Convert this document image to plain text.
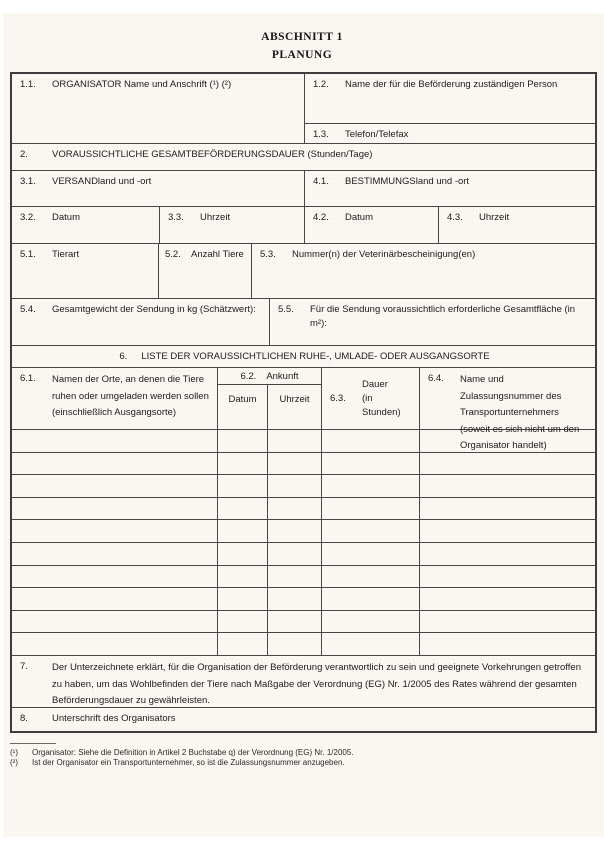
ABSCHNITT 1
PLANUNG
1.1.	ORGANISATOR Name und Anschrift (¹) (²)	1.2.	Name der für die Beförderung zuständigen Person
1.3.	Telefon/Telefax
2.	VORAUSSICHTLICHE GESAMTBEFÖRDERUNGSDAUER (Stunden/Tage)
3.1.	VERSANDland und -ort	4.1.	BESTIMMUNGSland und -ort
3.2.	Datum	3.3.	Uhrzeit	4.2.	Datum	4.3.	Uhrzeit
5.1.	Tierart	5.2.	Anzahl Tiere 5.3.	Nummer(n) der Veterinärbescheinigung(en)
5.4.	Gesamtgewicht der Sendung in kg (Schätzwert):	5.5.	Für die Sendung voraussichtlich erforderliche Gesamtfläche (in m²):
6. LISTE DER VORAUSSICHTLICHEN RUHE-, UMLADE- ODER AUSGANGSORTE
6.1.	Namen der Orte, an denen die Tiere ruhen oder umgeladen werden sollen (einschließlich Ausgangsorte)
6.2. Ankunft
Datum Uhrzeit 6.3.
Dauer
(in Stunden)
6.4.	Name und Zulassungsnummer des Transportunternehmers (soweit es sich nicht um den Organisator handelt)
7.	Der Unterzeichnete erklärt, für die Organisation der Beförderung verantwortlich zu sein und geeignete Vorkehrungen getroffen zu haben, um das Wohlbefinden der Tiere nach Maßgabe der Verordnung (EG) Nr. 1/2005 des Rates während der gesamten Beförderungsdauer zu gewährleisten.
8.	Unterschrift des Organisators
(¹)	Organisator: Siehe die Definition in Artikel 2 Buchstabe q) der Verordnung (EG) Nr. 1/2005.
(²)	Ist der Organisator ein Transportunternehmer, so ist die Zulassungsnummer anzugeben.
